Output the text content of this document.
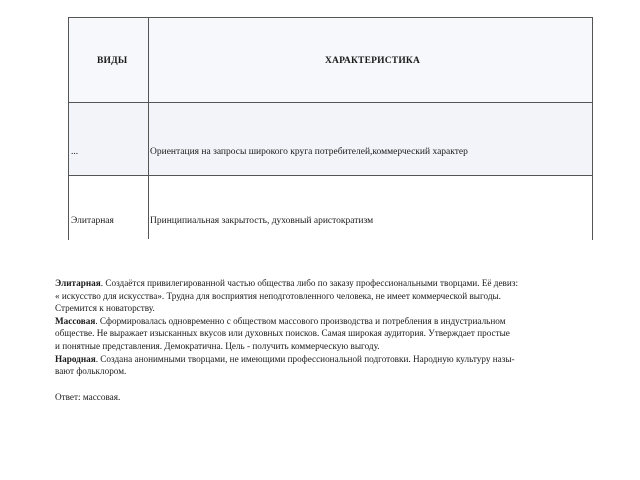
ВИДЫ	ХАРАКТЕРИСТИКА
...	Ориентация на запросы широкого круга потребителей,коммерческий характер
Элитарная	Принципиальная закрытость, духовный аристократизм

Элитарная. Создаётся привилегированной частью общества либо по заказу профессиональными творцами. Её девиз:
« искусство для искусства». Трудна для восприятия неподготовленного человека, не имеет коммерческой выгоды.
Стремится к новаторству.

Массовая. Сформировалась одновременно с обществом массового производства и потребления в индустриальном
обществе. Не выражает изысканных вкусов или духовных поисков. Самая широкая аудитория. Утверждает простые
и понятные представления. Демократична. Цель - получить коммерческую выгоду.

Народная. Создана анонимными творцами, не имеющими профессиональной подготовки. Народную культуру назы-
вают фольклором.

Ответ: массовая.
